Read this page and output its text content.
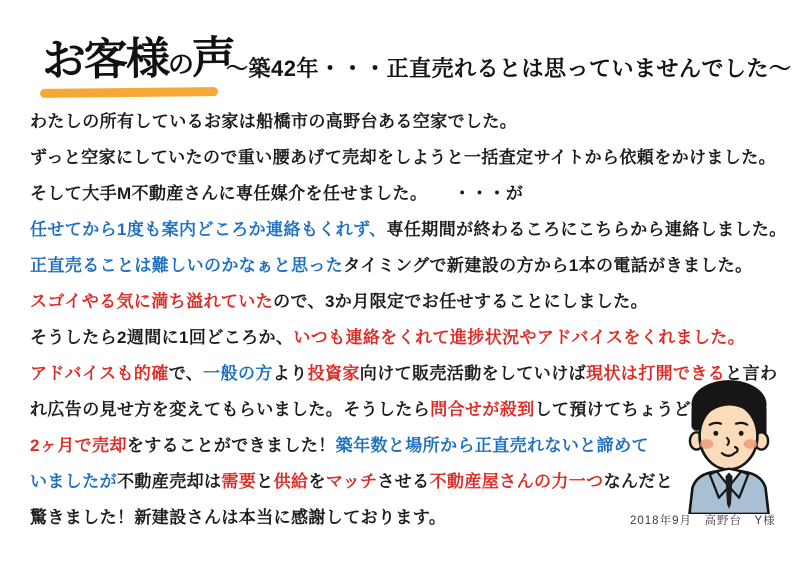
お客様の声
～築42年・・・正直売れるとは思っていませんでした～
わたしの所有しているお家は船橋市の高野台ある空家でした。
ずっと空家にしていたので重い腰あげて売却をしようと一括査定サイトから依頼をかけました。
そして大手M不動産さんに専任媒介を任せました。　　・・・が
任せてから1度も案内どころか連絡もくれず、専任期間が終わるころにこちらから連絡しました。
正直売ることは難しいのかなぁと思ったタイミングで新建設の方から1本の電話がきました。
スゴイやる気に満ち溢れていたので、3か月限定でお任せすることにしました。
そうしたら2週間に1回どころか、いつも連絡をくれて進捗状況やアドバイスをくれました。
アドバイスも的確で、一般の方より投資家向けて販売活動をしていけば現状は打開できると言わ
れ広告の見せ方を変えてもらいました。そうしたら問合せが殺到して預けてちょうど
2ヶ月で売却をすることができました！築年数と場所から正直売れないと諦めて
いましたが不動産売却は需要と供給をマッチさせる不動産屋さんの力一つなんだと
驚きました！新建設さんは本当に感謝しております。	2018年9月　高野台　Y様
